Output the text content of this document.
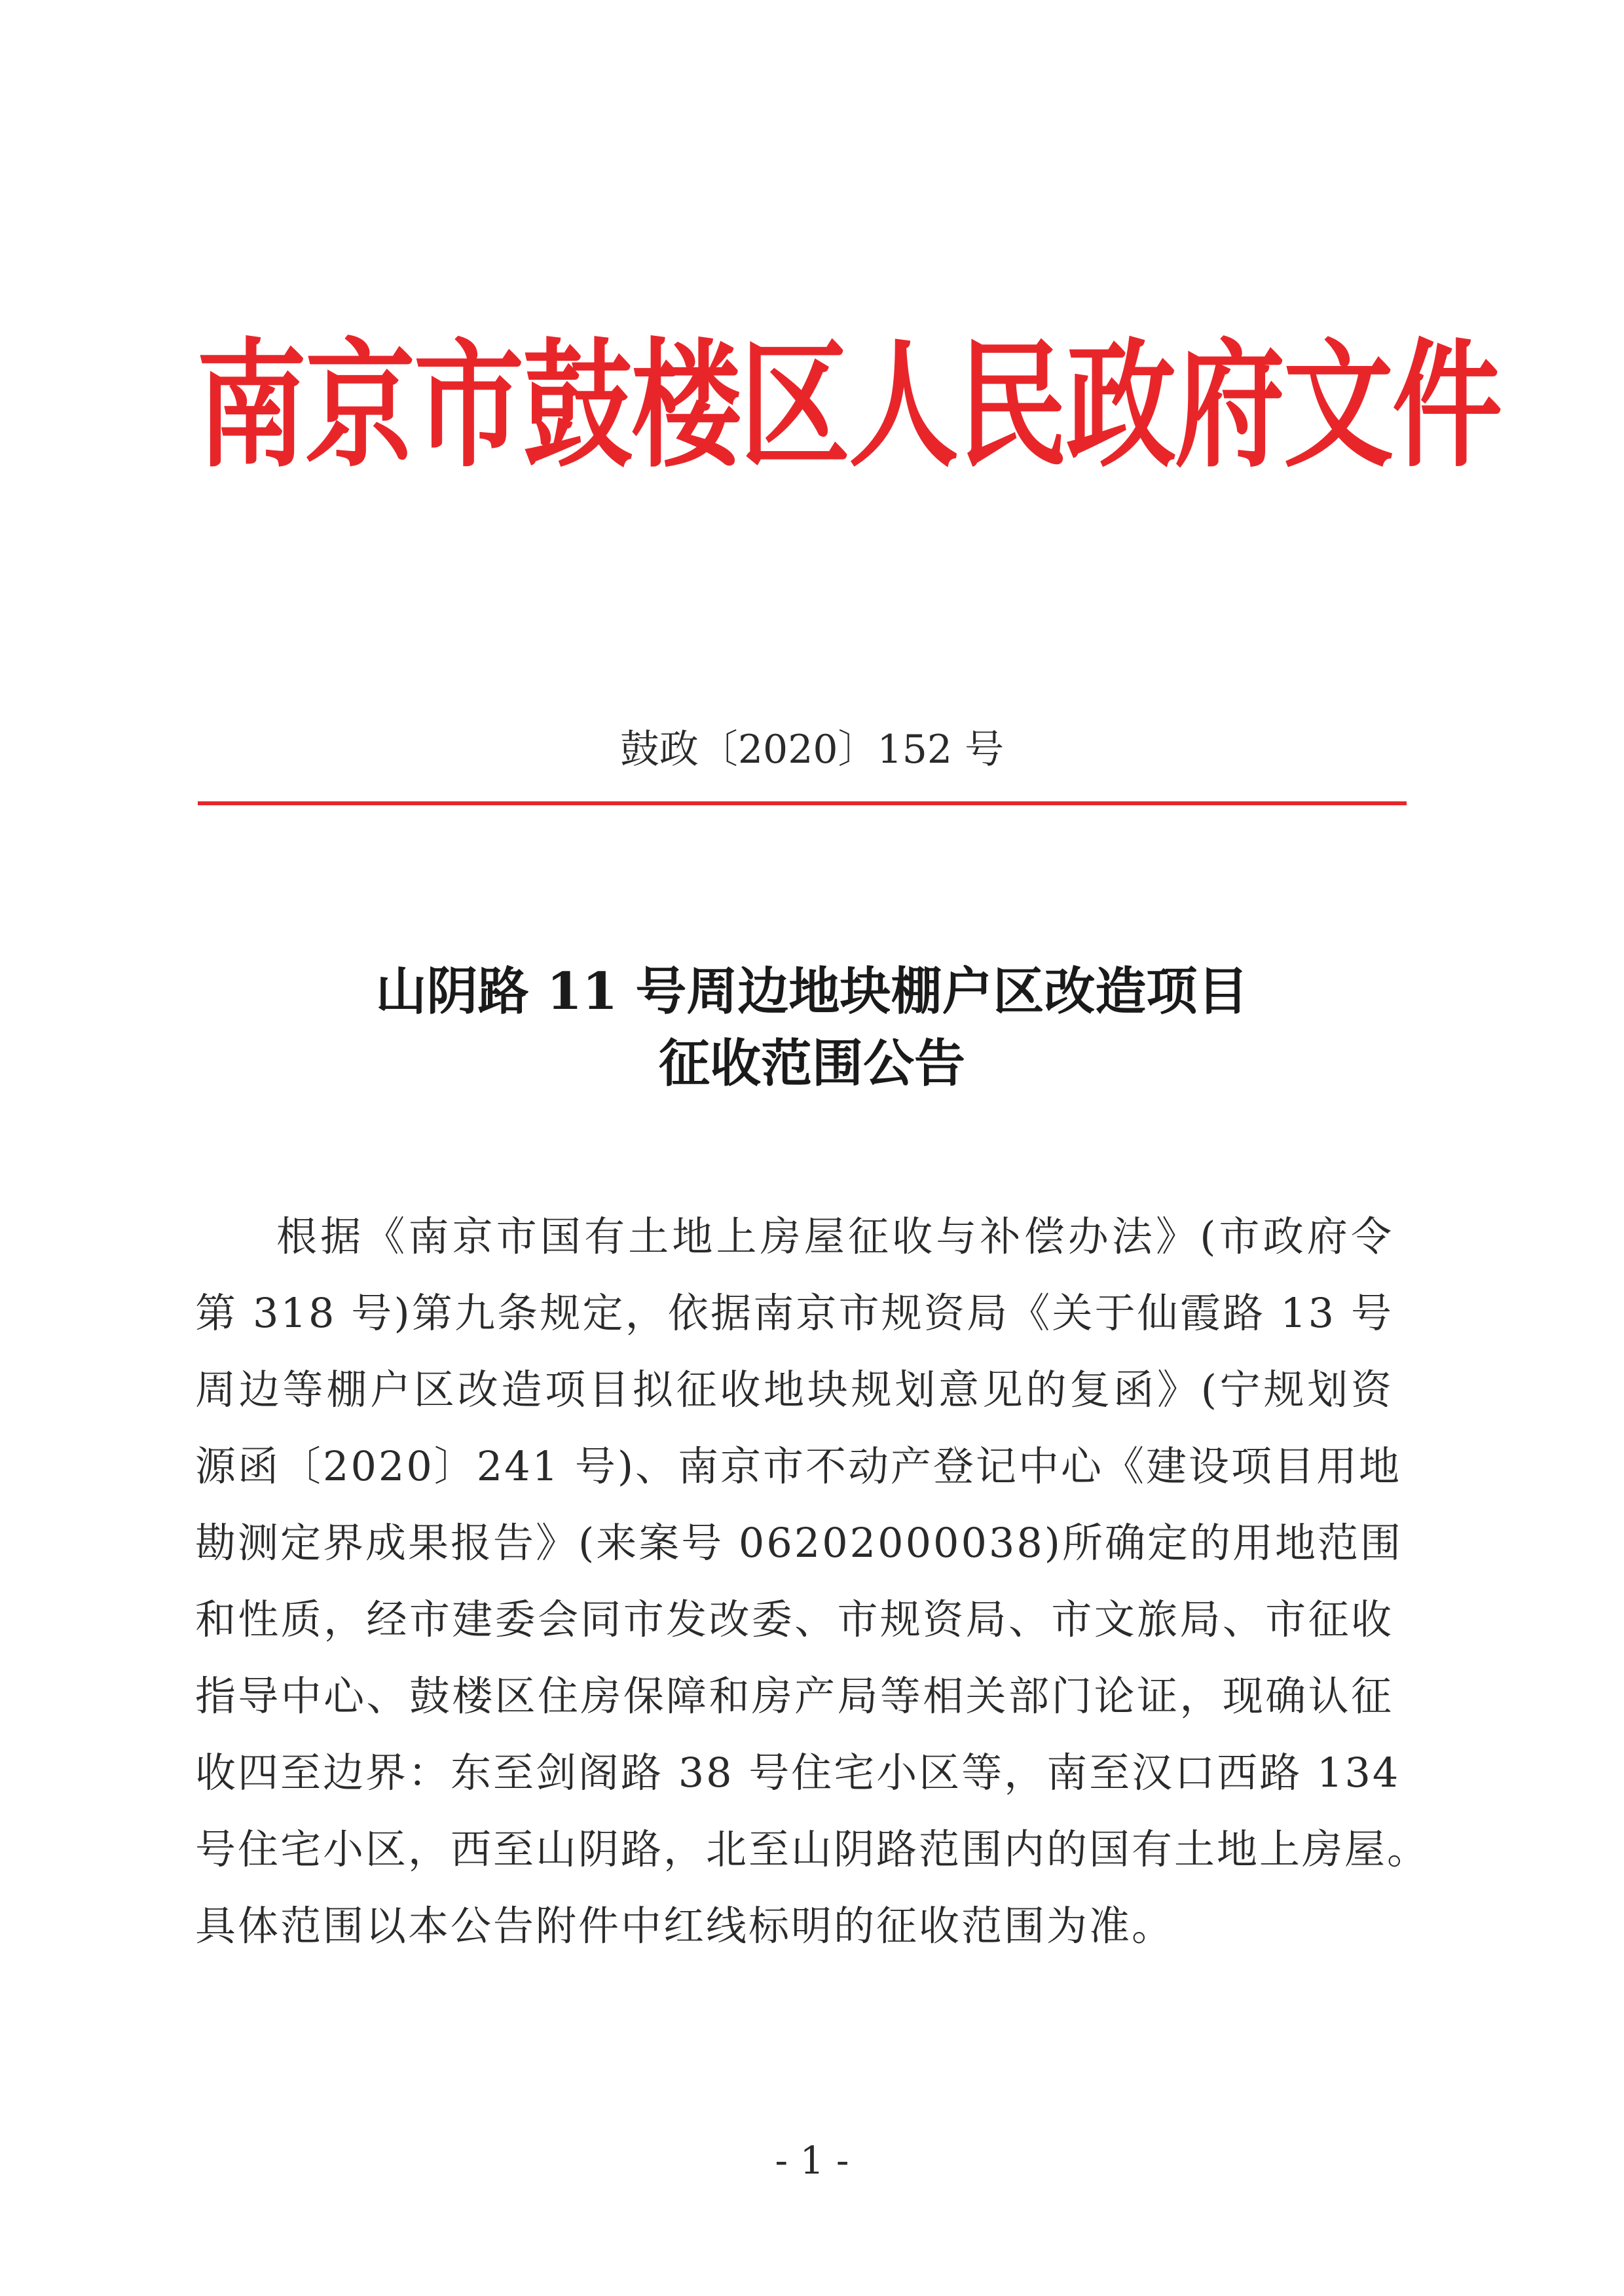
南京市鼓楼区人民政府文件
鼓政〔2020〕152 号
山阴路 11 号周边地块棚户区改造项目
征收范围公告
根据《南京市国有土地上房屋征收与补偿办法》(市政府令
第 318 号)第九条规定，依据南京市规资局《关于仙霞路 13 号
周边等棚户区改造项目拟征收地块规划意见的复函》(宁规划资
源函〔2020〕241 号)、南京市不动产登记中心《建设项目用地
勘测定界成果报告》(来案号 06202000038)所确定的用地范围
和性质，经市建委会同市发改委、市规资局、市文旅局、市征收
指导中心、鼓楼区住房保障和房产局等相关部门论证，现确认征
收四至边界：东至剑阁路 38 号住宅小区等，南至汉口西路 134
号住宅小区，西至山阴路，北至山阴路范围内的国有土地上房屋。
具体范围以本公告附件中红线标明的征收范围为准。
- 1 -
